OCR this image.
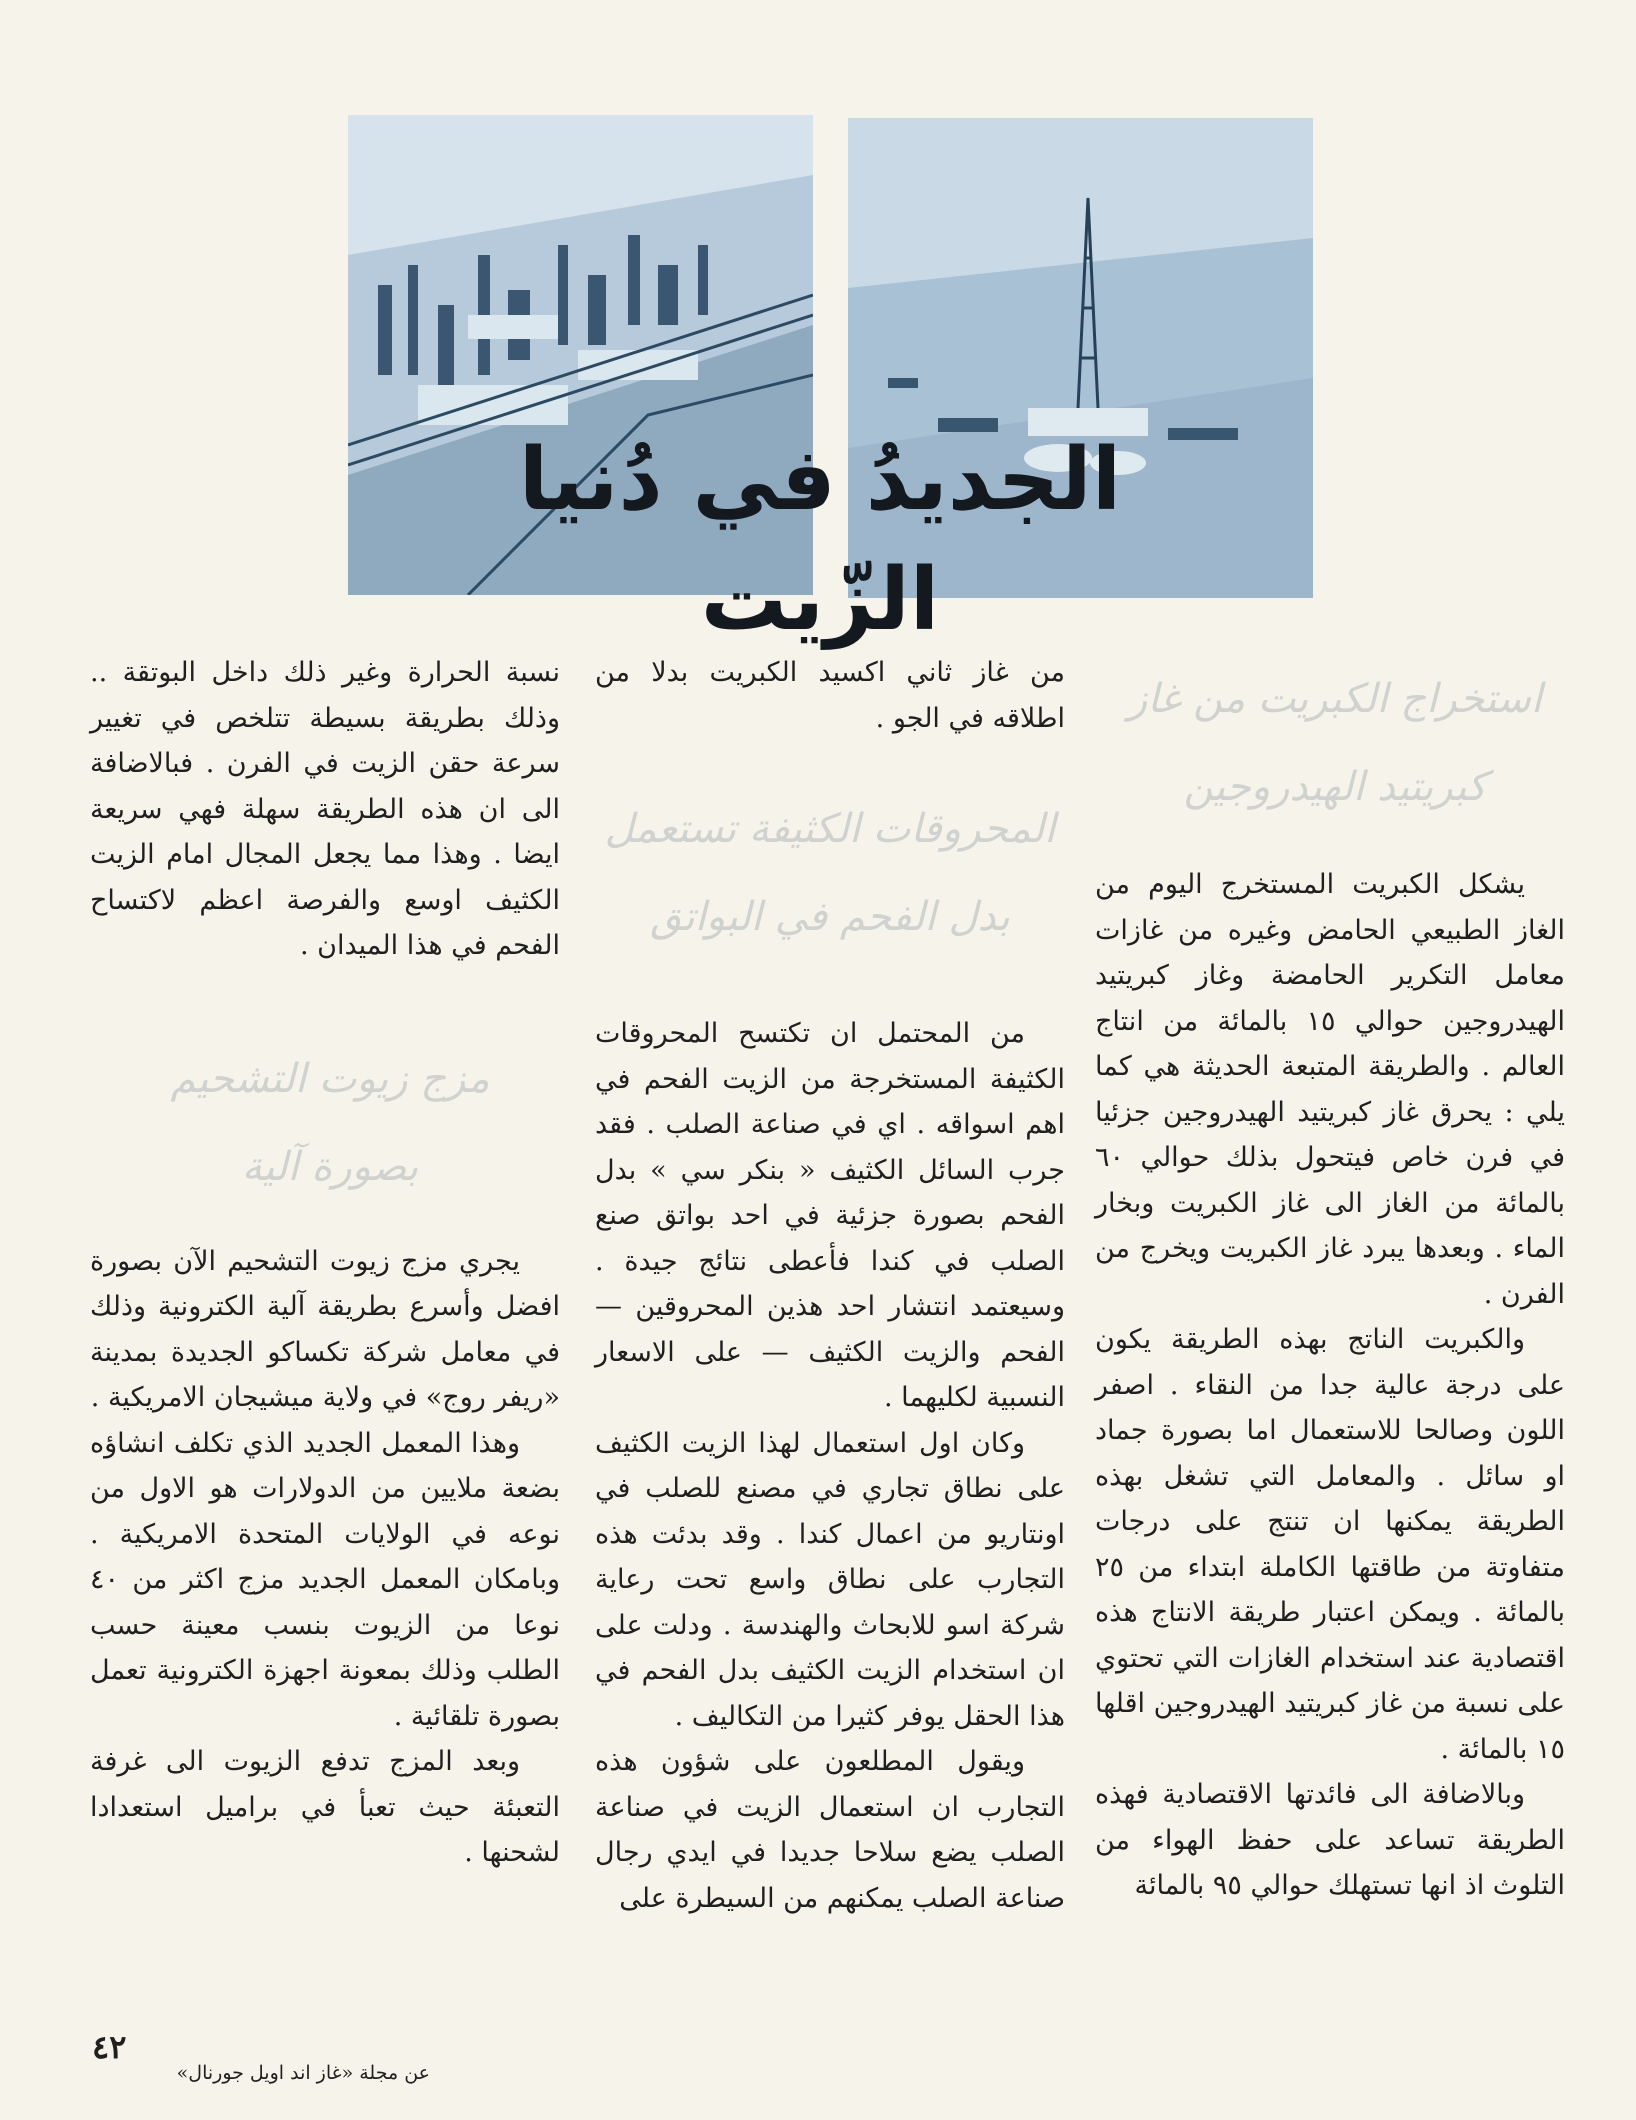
الجديدُ في دُنيا الزّيت
استخراج الكبريت من غاز كبريتيد الهيدروجين

يشكل الكبريت المستخرج اليوم من الغاز الطبيعي الحامض وغيره من غازات معامل التكرير الحامضة وغاز كبريتيد الهيدروجين حوالي ١٥ بالمائة من انتاج العالم . والطريقة المتبعة الحديثة هي كما يلي : يحرق غاز كبريتيد الهيدروجين جزئيا في فرن خاص فيتحول بذلك حوالي ٦٠ بالمائة من الغاز الى غاز الكبريت وبخار الماء . وبعدها يبرد غاز الكبريت ويخرج من الفرن .

والكبريت الناتج بهذه الطريقة يكون على درجة عالية جدا من النقاء . اصفر اللون وصالحا للاستعمال اما بصورة جماد او سائل . والمعامل التي تشغل بهذه الطريقة يمكنها ان تنتج على درجات متفاوتة من طاقتها الكاملة ابتداء من ٢٥ بالمائة . ويمكن اعتبار طريقة الانتاج هذه اقتصادية عند استخدام الغازات التي تحتوي على نسبة من غاز كبريتيد الهيدروجين اقلها ١٥ بالمائة .

وبالاضافة الى فائدتها الاقتصادية فهذه الطريقة تساعد على حفظ الهواء من التلوث اذ انها تستهلك حوالي ٩٥ بالمائة

من غاز ثاني اكسيد الكبريت بدلا من اطلاقه في الجو .

من المحتمل ان تكتسح المحروقات الكثيفة المستخرجة من الزيت الفحم في اهم اسواقه . اي في صناعة الصلب . فقد جرب السائل الكثيف « بنكر سي » بدل الفحم بصورة جزئية في احد بواتق صنع الصلب في كندا فأعطى نتائج جيدة . وسيعتمد انتشار احد هذين المحروقين — الفحم والزيت الكثيف — على الاسعار النسبية لكليهما .

وكان اول استعمال لهذا الزيت الكثيف على نطاق تجاري في مصنع للصلب في اونتاريو من اعمال كندا . وقد بدئت هذه التجارب على نطاق واسع تحت رعاية شركة اسو للابحاث والهندسة . ودلت على ان استخدام الزيت الكثيف بدل الفحم في هذا الحقل يوفر كثيرا من التكاليف .

ويقول المطلعون على شؤون هذه التجارب ان استعمال الزيت في صناعة الصلب يضع سلاحا جديدا في ايدي رجال صناعة الصلب يمكنهم من السيطرة على

المحروقات الكثيفة تستعمل بدل الفحم في البواتق

نسبة الحرارة وغير ذلك داخل البوتقة .. وذلك بطريقة بسيطة تتلخص في تغيير سرعة حقن الزيت في الفرن . فبالاضافة الى ان هذه الطريقة سهلة فهي سريعة ايضا . وهذا مما يجعل المجال امام الزيت الكثيف اوسع والفرصة اعظم لاكتساح الفحم في هذا الميدان .

يجري مزج زيوت التشحيم الآن بصورة افضل وأسرع بطريقة آلية الكترونية وذلك في معامل شركة تكساكو الجديدة بمدينة «ريفر روج» في ولاية ميشيجان الامريكية .

وهذا المعمل الجديد الذي تكلف انشاؤه بضعة ملايين من الدولارات هو الاول من نوعه في الولايات المتحدة الامريكية . وبامكان المعمل الجديد مزج اكثر من ٤٠ نوعا من الزيوت بنسب معينة حسب الطلب وذلك بمعونة اجهزة الكترونية تعمل بصورة تلقائية .

وبعد المزج تدفع الزيوت الى غرفة التعبئة حيث تعبأ في براميل استعدادا لشحنها .

مزج زيوت التشحيم بصورة آلية
عن مجلة «غاز اند اويل جورنال»
٤٢
